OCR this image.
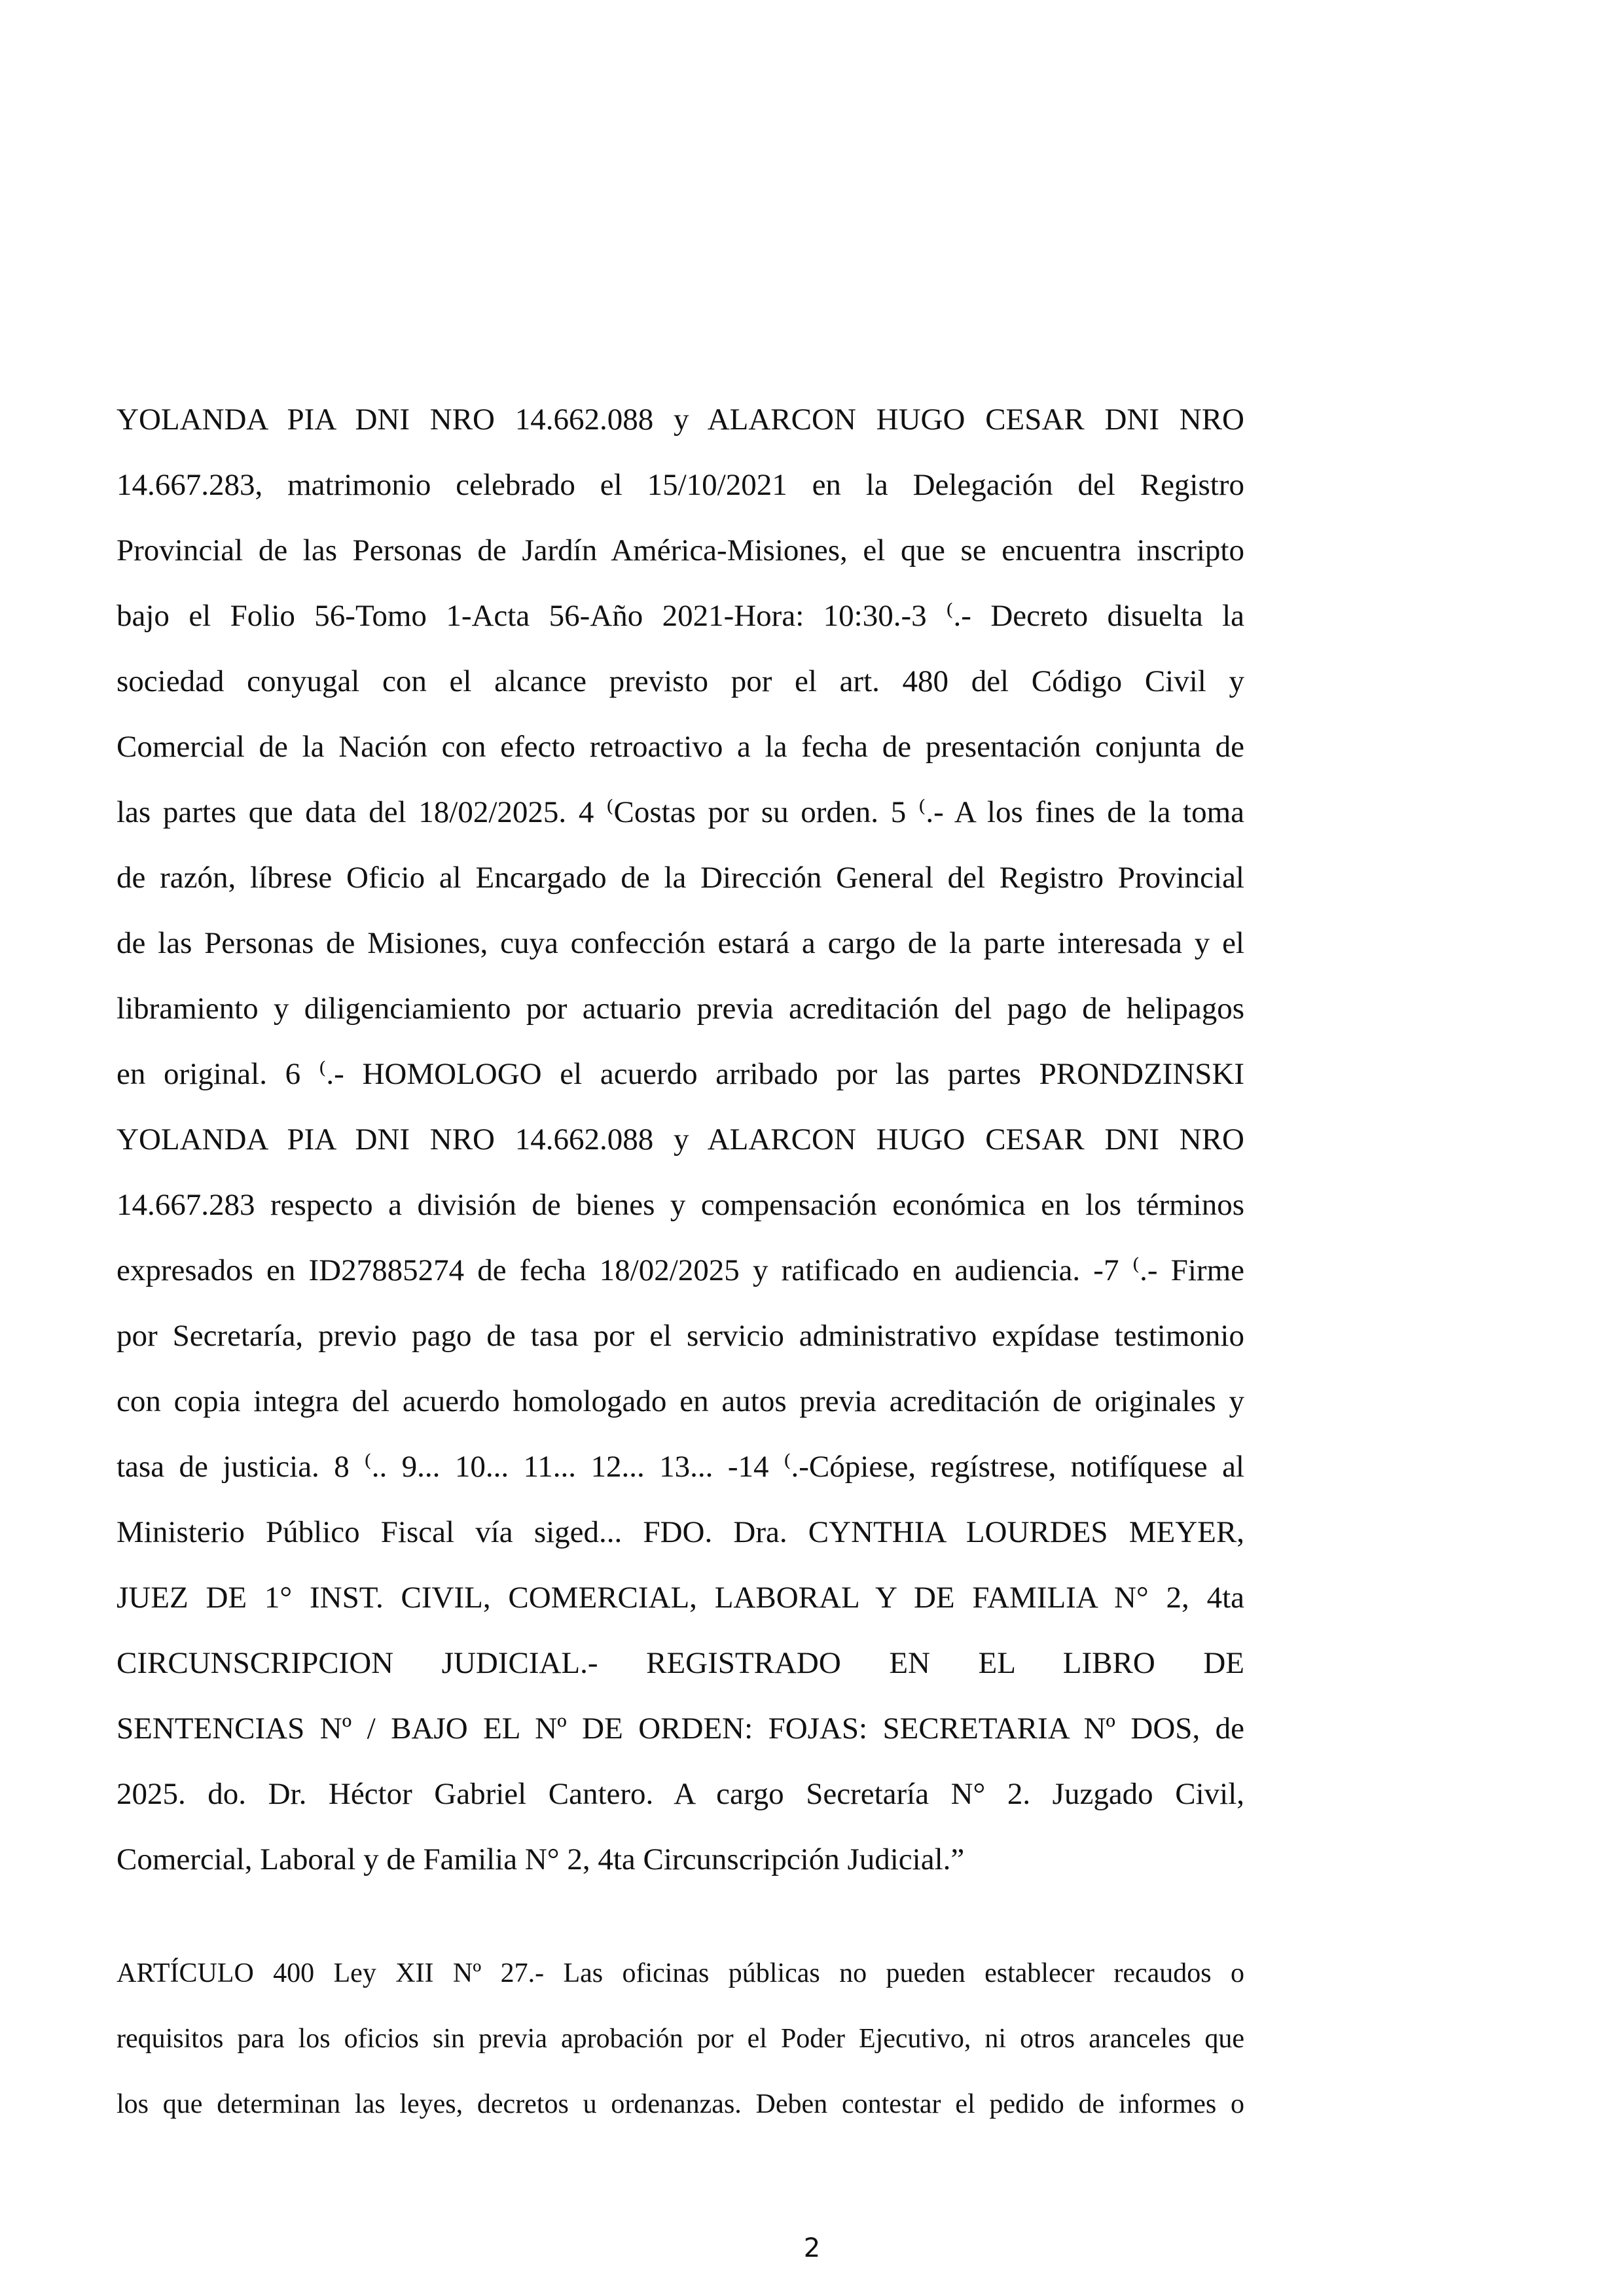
YOLANDA PIA DNI NRO 14.662.088 y ALARCON HUGO CESAR DNI NRO
14.667.283, matrimonio celebrado el 15/10/2021 en la Delegación del Registro
Provincial de las Personas de Jardín América-Misiones, el que se encuentra inscripto
bajo el Folio 56-Tomo 1-Acta 56-Año 2021-Hora: 10:30.-3 ⁽.- Decreto disuelta la
sociedad conyugal con el alcance previsto por el art. 480 del Código Civil y
Comercial de la Nación con efecto retroactivo a la fecha de presentación conjunta de
las partes que data del 18/02/2025. 4 ⁽Costas por su orden. 5 ⁽.- A los fines de la toma
de razón, líbrese Oficio al Encargado de la Dirección General del Registro Provincial
de las Personas de Misiones, cuya confección estará a cargo de la parte interesada y el
libramiento y diligenciamiento por actuario previa acreditación del pago de helipagos
en original. 6 ⁽.- HOMOLOGO el acuerdo arribado por las partes PRONDZINSKI
YOLANDA PIA DNI NRO 14.662.088 y ALARCON HUGO CESAR DNI NRO
14.667.283 respecto a división de bienes y compensación económica en los términos
expresados en ID27885274 de fecha 18/02/2025 y ratificado en audiencia. -7 ⁽.- Firme
por Secretaría, previo pago de tasa por el servicio administrativo expídase testimonio
con copia integra del acuerdo homologado en autos previa acreditación de originales y
tasa de justicia. 8 ⁽.. 9... 10... 11... 12... 13... -14 ⁽.-Cópiese, regístrese, notifíquese al
Ministerio Público Fiscal vía siged... FDO. Dra. CYNTHIA LOURDES MEYER,
JUEZ DE 1° INST. CIVIL, COMERCIAL, LABORAL Y DE FAMILIA N° 2, 4ta
CIRCUNSCRIPCION JUDICIAL.- REGISTRADO EN EL LIBRO DE
SENTENCIAS Nº / BAJO EL Nº DE ORDEN: FOJAS: SECRETARIA Nº DOS, de
2025. do. Dr. Héctor Gabriel Cantero. A cargo Secretaría N° 2. Juzgado Civil,
Comercial, Laboral y de Familia N° 2, 4ta Circunscripción Judicial.”
ARTÍCULO 400 Ley XII Nº 27.- Las oficinas públicas no pueden establecer recaudos o
requisitos para los oficios sin previa aprobación por el Poder Ejecutivo, ni otros aranceles que
los que determinan las leyes, decretos u ordenanzas. Deben contestar el pedido de informes o
2
